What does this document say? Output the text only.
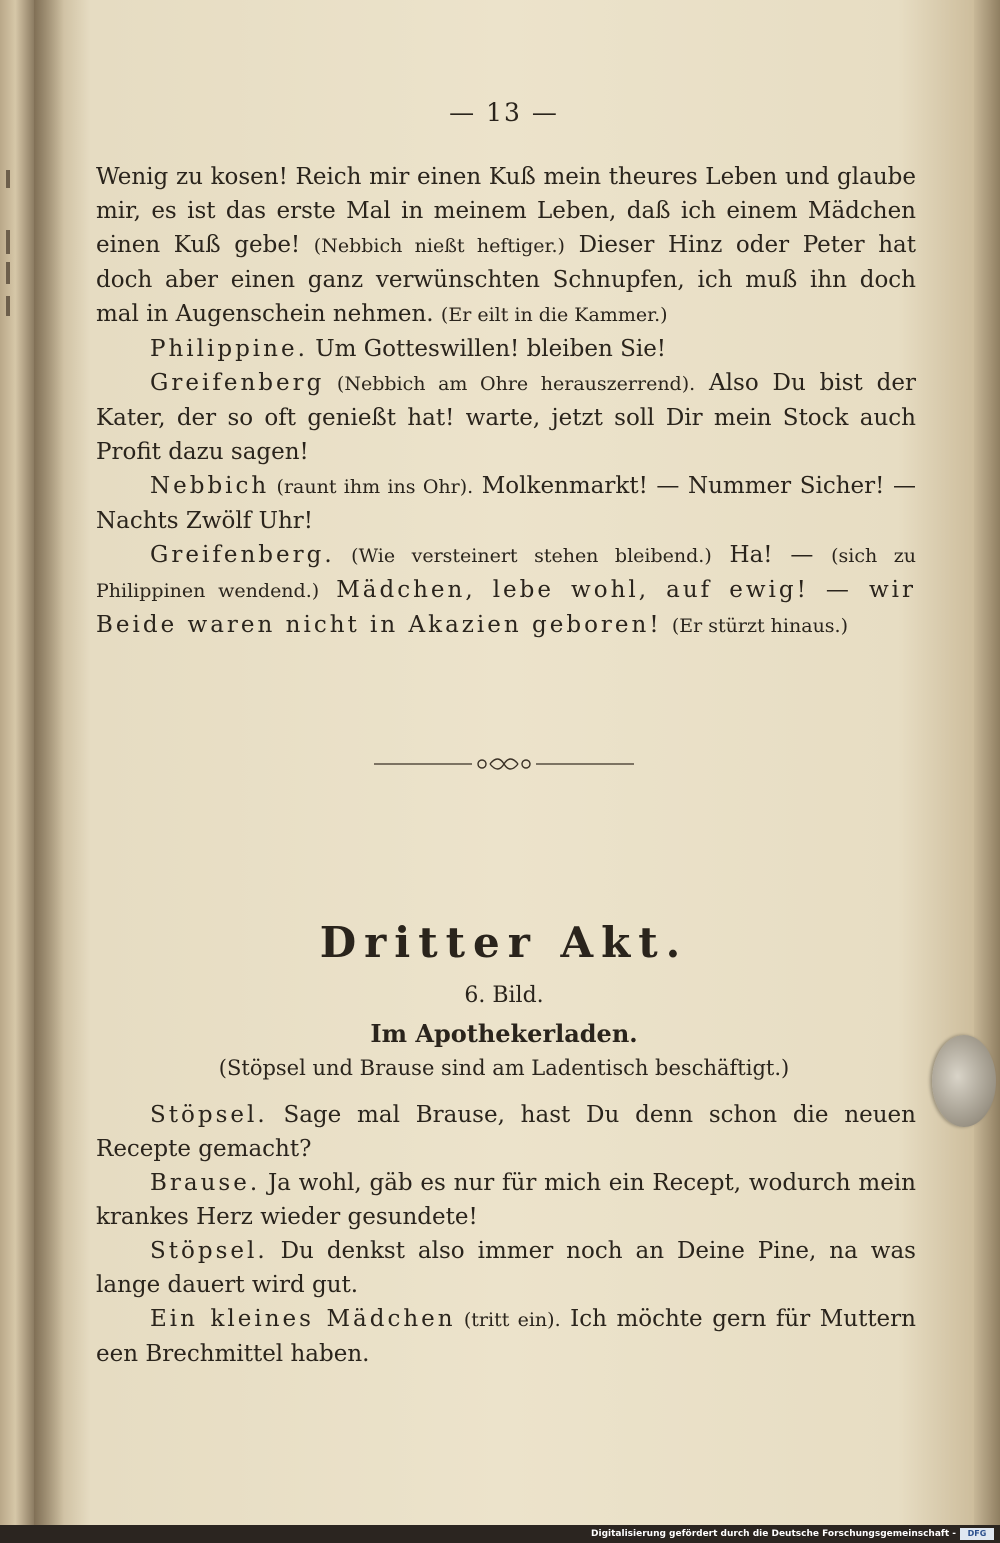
— 13 —

Wenig zu kosen! Reich mir einen Kuß mein theures Leben und glaube mir, es ist das erste Mal in meinem Leben, daß ich einem Mädchen einen Kuß gebe! (Nebbich nießt heftiger.) Dieser Hinz oder Peter hat doch aber einen ganz verwünschten Schnupfen, ich muß ihn doch mal in Augenschein nehmen. (Er eilt in die Kammer.)

Philippine. Um Gotteswillen! bleiben Sie!

Greifenberg (Nebbich am Ohre herauszerrend). Also Du bist der Kater, der so oft genießt hat! warte, jetzt soll Dir mein Stock auch Profit dazu sagen!

Nebbich (raunt ihm ins Ohr). Molkenmarkt! — Nummer Sicher! — Nachts Zwölf Uhr!

Greifenberg. (Wie versteinert stehen bleibend.) Ha! — (sich zu Philippinen wendend.) Mädchen, lebe wohl, auf ewig! — wir Beide waren nicht in Akazien geboren! (Er stürzt hinaus.)

Dritter Akt.
6. Bild.
Im Apothekerladen.
(Stöpsel und Brause sind am Ladentisch beschäftigt.)

Stöpsel. Sage mal Brause, hast Du denn schon die neuen Recepte gemacht?

Brause. Ja wohl, gäb es nur für mich ein Recept, wodurch mein krankes Herz wieder gesundete!

Stöpsel. Du denkst also immer noch an Deine Pine, na was lange dauert wird gut.

Ein kleines Mädchen (tritt ein). Ich möchte gern für Muttern een Brechmittel haben.

Digitalisierung gefördert durch die Deutsche Forschungsgemeinschaft -	DFG
